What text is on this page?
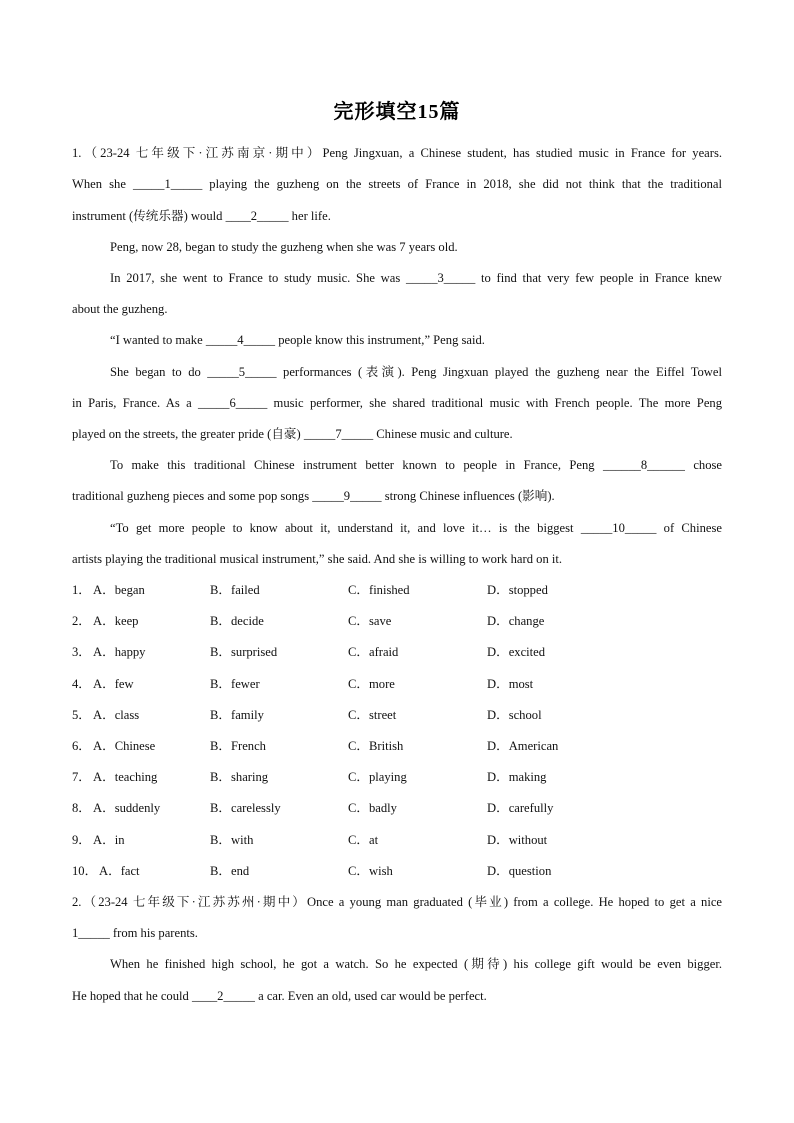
完形填空15篇
1.（23-24 七年级下·江苏南京·期中）Peng Jingxuan, a Chinese student, has studied music in France for years.
When she _____1_____ playing the guzheng on the streets of France in 2018, she did not think that the traditional
instrument (传统乐器) would ____2_____ her life.
Peng, now 28, began to study the guzheng when she was 7 years old.
In 2017, she went to France to study music. She was _____3_____ to find that very few people in France knew
about the guzheng.
“I wanted to make _____4_____ people know this instrument,” Peng said.
She began to do _____5_____ performances (表演). Peng Jingxuan played the guzheng near the Eiffel Towel
in Paris, France. As a _____6_____ music performer, she shared traditional music with French people. The more Peng
played on the streets, the greater pride (自豪) _____7_____ Chinese music and culture.
To make this traditional Chinese instrument better known to people in France, Peng ______8______ chose
traditional guzheng pieces and some pop songs _____9_____ strong Chinese influences (影响).
“To get more people to know about it, understand it, and love it… is the biggest _____10_____ of Chinese
artists playing the traditional musical instrument,” she said. And she is willing to work hard on it.
1． A．began	B．failed	C．finished	D．stopped
2． A．keep	B．decide	C．save	D．change
3． A．happy	B．surprised	C．afraid	D．excited
4． A．few	B．fewer	C．more	D．most
5． A．class	B．family	C．street	D．school
6． A．Chinese	B．French	C．British	D．American
7． A．teaching	B．sharing	C．playing	D．making
8． A．suddenly	B．carelessly	C．badly	D．carefully
9． A．in	B．with	C．at	D．without
10． A．fact	B．end	C．wish	D．question
2.（23-24 七年级下·江苏苏州·期中）Once a young man graduated (毕业) from a college. He hoped to get a nice
1_____ from his parents.
When he finished high school, he got a watch. So he expected (期待) his college gift would be even bigger.
He hoped that he could ____2_____ a car. Even an old, used car would be perfect.
